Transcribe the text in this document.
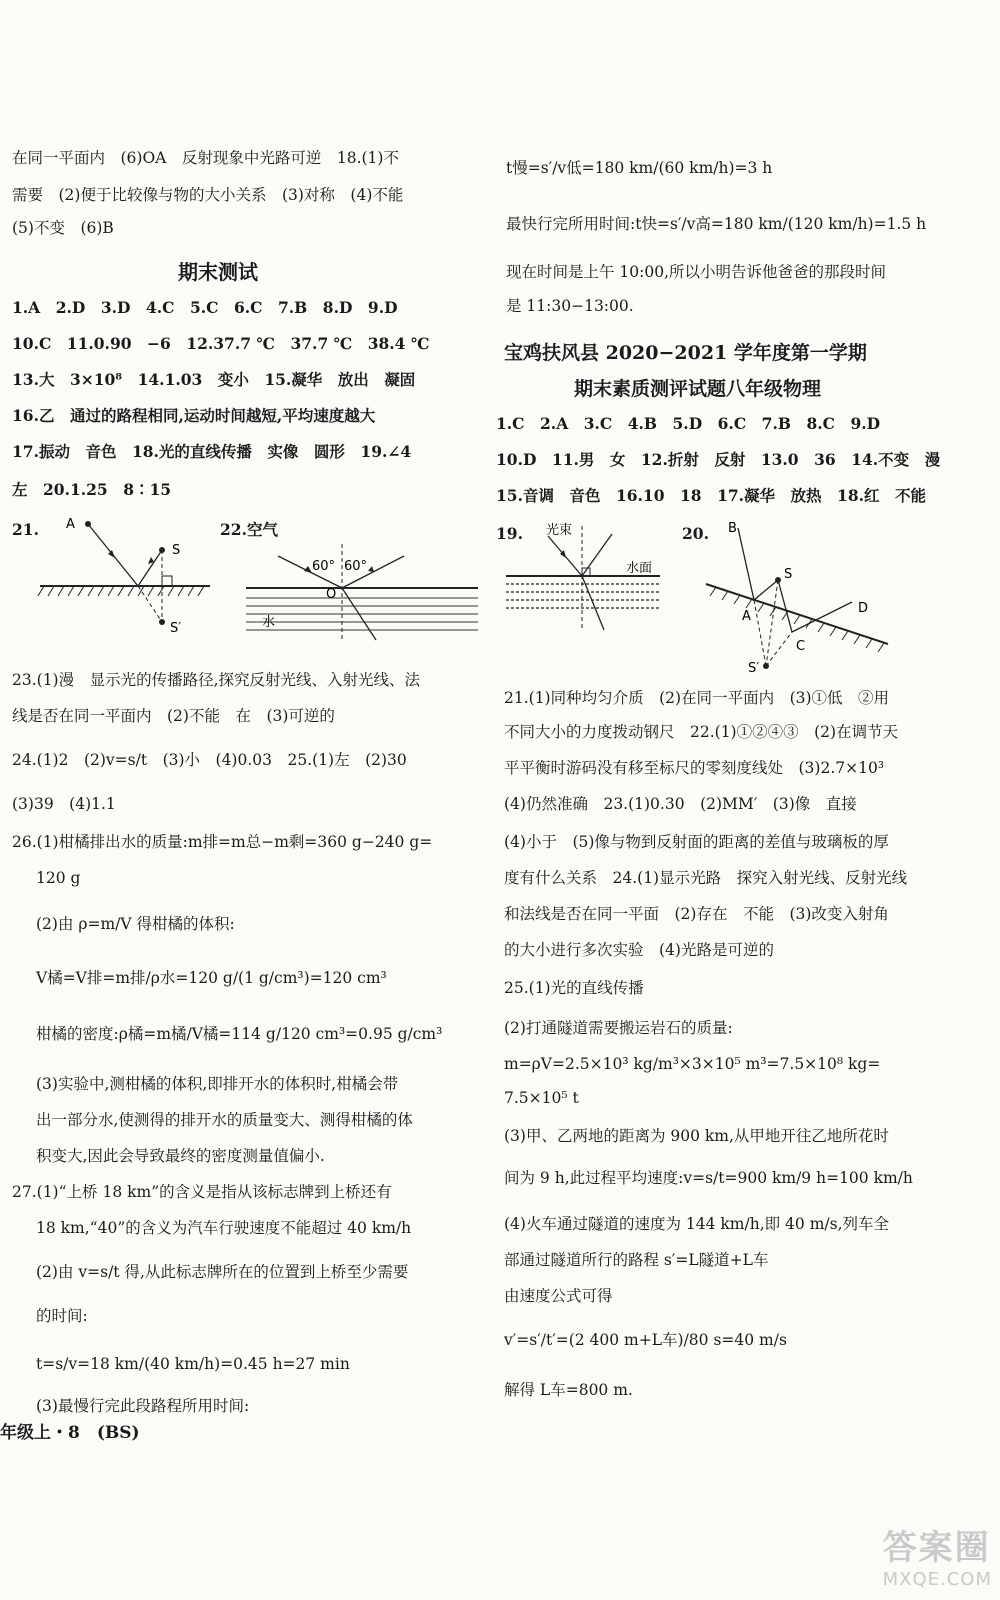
在同一平面内　(6)OA　反射现象中光路可逆　18.(1)不
需要　(2)便于比较像与物的大小关系　(3)对称　(4)不能
(5)不变　(6)B
期末测试
1.A　2.D　3.D　4.C　5.C　6.C　7.B　8.D　9.D
10.C　11.0.90　−6　12.37.7 ℃　37.7 ℃　38.4 ℃
13.大　3×10⁸　14.1.03　变小　15.凝华　放出　凝固
16.乙　通过的路程相同,运动时间越短,平均速度越大
17.振动　音色　18.光的直线传播　实像　圆形　19.∠4
左　20.1.25　8∶15
21. A
S
S′
22.空气
60° 60°
O
水
23.(1)漫　显示光的传播路径,探究反射光线、入射光线、法
线是否在同一平面内　(2)不能　在　(3)可逆的
24.(1)2　(2)v=s/t　(3)小　(4)0.03　25.(1)左　(2)30
(3)39　(4)1.1
26.(1)柑橘排出水的质量:m排=m总−m剩=360 g−240 g=
120 g
(2)由 ρ=m/V 得柑橘的体积:
V橘=V排=m排/ρ水=120 g/(1 g/cm³)=120 cm³
柑橘的密度:ρ橘=m橘/V橘=114 g/120 cm³=0.95 g/cm³
(3)实验中,测柑橘的体积,即排开水的体积时,柑橘会带
出一部分水,使测得的排开水的质量变大、测得柑橘的体
积变大,因此会导致最终的密度测量值偏小.
27.(1)“上桥 18 km”的含义是指从该标志牌到上桥还有
18 km,“40”的含义为汽车行驶速度不能超过 40 km/h
(2)由 v=s/t 得,从此标志牌所在的位置到上桥至少需要
的时间:
t=s/v=18 km/(40 km/h)=0.45 h=27 min
(3)最慢行完此段路程所用时间:
t慢=s′/v低=180 km/(60 km/h)=3 h
最快行完所用时间:t快=s′/v高=180 km/(120 km/h)=1.5 h
现在时间是上午 10:00,所以小明告诉他爸爸的那段时间
是 11:30−13:00.
宝鸡扶风县 2020−2021 学年度第一学期
期末素质测评试题八年级物理
1.C　2.A　3.C　4.B　5.D　6.C　7.B　8.C　9.D
10.D　11.男　女　12.折射　反射　13.0　36　14.不变　漫
15.音调　音色　16.10　18　17.凝华　放热　18.红　不能
19. 光束
水面
20. B
S
A
C
D
S′
21.(1)同种均匀介质　(2)在同一平面内　(3)①低　②用
不同大小的力度拨动钢尺　22.(1)①②④③　(2)在调节天
平平衡时游码没有移至标尺的零刻度线处　(3)2.7×10³
(4)仍然准确　23.(1)0.30　(2)MM′　(3)像　直接
(4)小于　(5)像与物到反射面的距离的差值与玻璃板的厚
度有什么关系　24.(1)显示光路　探究入射光线、反射光线
和法线是否在同一平面　(2)存在　不能　(3)改变入射角
的大小进行多次实验　(4)光路是可逆的
25.(1)光的直线传播
(2)打通隧道需要搬运岩石的质量:
m=ρV=2.5×10³ kg/m³×3×10⁵ m³=7.5×10⁸ kg=
7.5×10⁵ t
(3)甲、乙两地的距离为 900 km,从甲地开往乙地所花时
间为 9 h,此过程平均速度:v=s/t=900 km/9 h=100 km/h
(4)火车通过隧道的速度为 144 km/h,即 40 m/s,列车全
部通过隧道所行的路程 s′=L隧道+L车
由速度公式可得
v′=s′/t′=(2 400 m+L车)/80 s=40 m/s
解得 L车=800 m.
年级上・8　(BS)
答案圈
MXQE.COM
